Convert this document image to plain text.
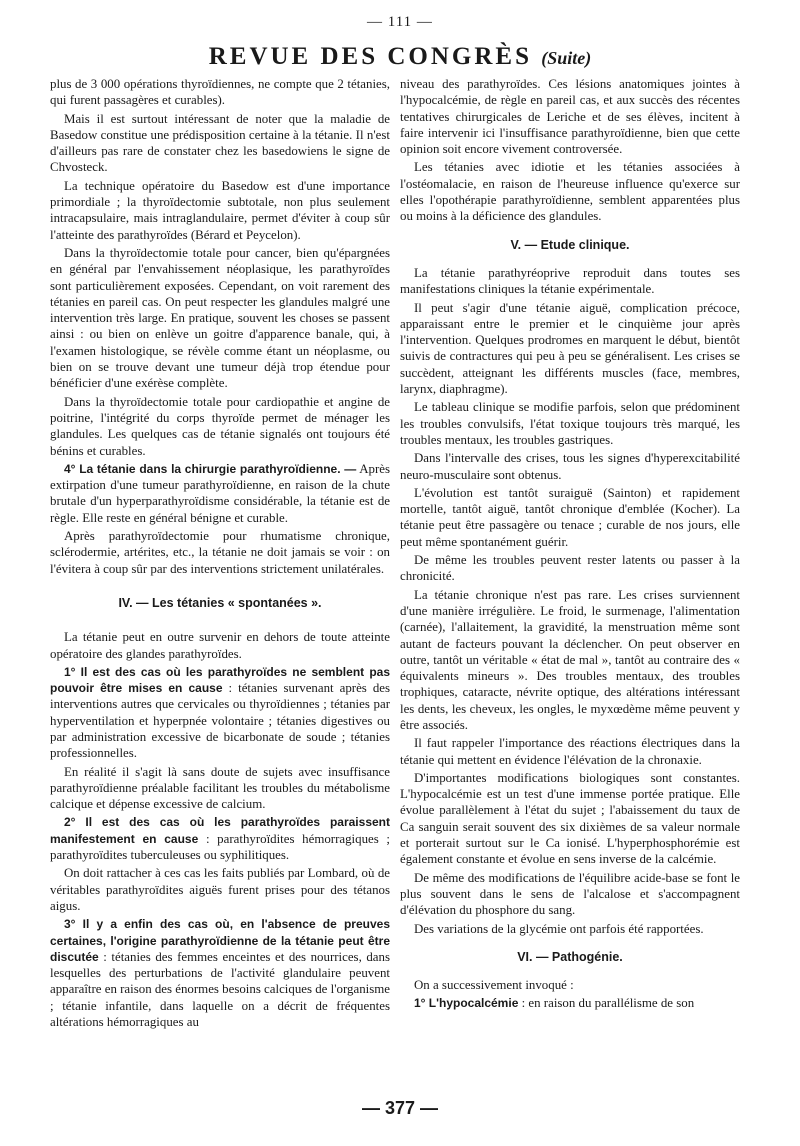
— 111 —
REVUE DES CONGRÈS (Suite)

plus de 3 000 opérations thyroïdiennes, ne compte que 2 tétanies, qui furent passagères et curables).

Mais il est surtout intéressant de noter que la maladie de Basedow constitue une prédisposition certaine à la tétanie. Il n'est d'ailleurs pas rare de constater chez les basedowiens le signe de Chvosteck.

La technique opératoire du Basedow est d'une importance primordiale ; la thyroïdectomie subtotale, non plus seulement intracapsulaire, mais intraglandulaire, permet d'éviter à coup sûr l'atteinte des parathyroïdes (Bérard et Peycelon).

Dans la thyroïdectomie totale pour cancer, bien qu'épargnées en général par l'envahissement néoplasique, les parathyroïdes sont particulièrement exposées. Cependant, on voit rarement des tétanies en pareil cas. On peut respecter les glandules malgré une intervention très large. En pratique, souvent les choses se passent ainsi : ou bien on enlève un goitre d'apparence banale, qui, à l'examen histologique, se révèle comme étant un néoplasme, ou bien on se trouve devant une tumeur déjà trop étendue pour bénéficier d'une exérèse complète.

Dans la thyroïdectomie totale pour cardiopathie et angine de poitrine, l'intégrité du corps thyroïde permet de ménager les glandules. Les quelques cas de tétanie signalés ont toujours été bénins et curables.

4° La tétanie dans la chirurgie parathyroïdienne. — Après extirpation d'une tumeur parathyroïdienne, en raison de la chute brutale d'un hyperparathyroïdisme considérable, la tétanie est de règle. Elle reste en général bénigne et curable.

Après parathyroïdectomie pour rhumatisme chronique, sclérodermie, artérites, etc., la tétanie ne doit jamais se voir : on l'évitera à coup sûr par des interventions strictement unilatérales.

IV. — Les tétanies « spontanées ».

La tétanie peut en outre survenir en dehors de toute atteinte opératoire des glandes parathyroïdes.

1° Il est des cas où les parathyroïdes ne semblent pas pouvoir être mises en cause : tétanies survenant après des interventions autres que cervicales ou thyroïdiennes ; tétanies par hyperventilation et hyperpnée volontaire ; tétanies digestives ou par administration excessive de bicarbonate de soude ; tétanies professionnelles.

En réalité il s'agit là sans doute de sujets avec insuffisance parathyroïdienne préalable facilitant les troubles du métabolisme calcique et dépense excessive de calcium.

2° Il est des cas où les parathyroïdes paraissent manifestement en cause : parathyroïdites hémorragiques ; parathyroïdites tuberculeuses ou syphilitiques.

On doit rattacher à ces cas les faits publiés par Lombard, où de véritables parathyroïdites aiguës furent prises pour des tétanos aigus.

3° Il y a enfin des cas où, en l'absence de preuves certaines, l'origine parathyroïdienne de la tétanie peut être discutée : tétanies des femmes enceintes et des nourrices, dans lesquelles des perturbations de l'activité glandulaire peuvent apparaître en raison des énormes besoins calciques de l'organisme ; tétanie infantile, dans laquelle on a décrit de fréquentes altérations hémorragiques au

niveau des parathyroïdes. Ces lésions anatomiques jointes à l'hypocalcémie, de règle en pareil cas, et aux succès des récentes tentatives chirurgicales de Leriche et de ses élèves, incitent à faire intervenir ici l'insuffisance parathyroïdienne, bien que cette opinion soit encore vivement controversée.

Les tétanies avec idiotie et les tétanies associées à l'ostéomalacie, en raison de l'heureuse influence qu'exerce sur elles l'opothérapie parathyroïdienne, semblent apparentées plus ou moins à la déficience des glandules.

V. — Etude clinique.

La tétanie parathyréoprive reproduit dans toutes ses manifestations cliniques la tétanie expérimentale.

Il peut s'agir d'une tétanie aiguë, complication précoce, apparaissant entre le premier et le cinquième jour après l'intervention. Quelques prodromes en marquent le début, bientôt suivis de contractures qui peu à peu se généralisent. Les crises se succèdent, atteignant les différents muscles (face, membres, larynx, diaphragme).

Le tableau clinique se modifie parfois, selon que prédominent les troubles convulsifs, l'état toxique toujours très marqué, les troubles mentaux, les troubles gastriques.

Dans l'intervalle des crises, tous les signes d'hyperexcitabilité neuro-musculaire sont obtenus.

L'évolution est tantôt suraiguë (Sainton) et rapidement mortelle, tantôt aiguë, tantôt chronique d'emblée (Kocher). La tétanie peut être passagère ou tenace ; curable de nos jours, elle peut même spontanément guérir.

De même les troubles peuvent rester latents ou passer à la chronicité.

La tétanie chronique n'est pas rare. Les crises surviennent d'une manière irrégulière. Le froid, le surmenage, l'alimentation (carnée), l'allaitement, la gravidité, la menstruation même sont autant de facteurs pouvant la déclencher. On peut observer en outre, tantôt un véritable « état de mal », tantôt au contraire des « équivalents mineurs ». Des troubles mentaux, des troubles trophiques, cataracte, névrite optique, des altérations intéressant les dents, les cheveux, les ongles, le myxœdème même peuvent y être associés.

Il faut rappeler l'importance des réactions électriques dans la tétanie qui mettent en évidence l'élévation de la chronaxie.

D'importantes modifications biologiques sont constantes. L'hypocalcémie est un test d'une immense portée pratique. Elle évolue parallèlement à l'état du sujet ; l'abaissement du taux de Ca sanguin serait souvent des six dixièmes de sa valeur normale et porterait surtout sur le Ca ionisé. L'hyperphosphorémie est également constante et évolue en sens inverse de la calcémie.

De même des modifications de l'équilibre acide-base se font le plus souvent dans le sens de l'alcalose et s'accompagnent d'élévation du phosphore du sang.

Des variations de la glycémie ont parfois été rapportées.

VI. — Pathogénie.

On a successivement invoqué :

1° L'hypocalcémie : en raison du parallélisme de son

— 377 —
